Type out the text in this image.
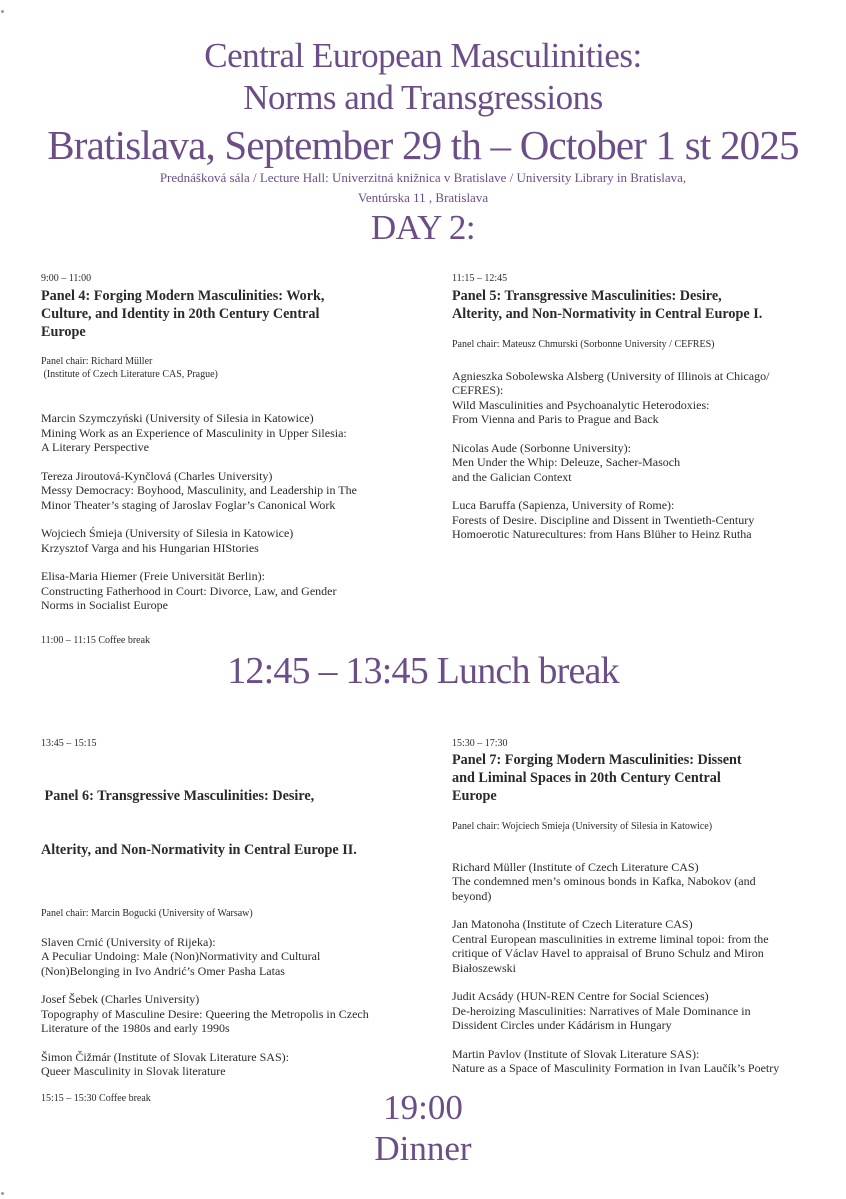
Central European Masculinities:
Norms and Transgressions
Bratislava, September 29 th – October 1 st 2025
Prednášková sála / Lecture Hall: Univerzitná knižnica v Bratislave / University Library in Bratislava,
Ventúrska 11 , Bratislava
DAY 2:
9:00 – 11:00
Panel 4: Forging Modern Masculinities: Work,
Culture, and Identity in 20th Century Central
Europe
Panel chair: Richard Müller
(Institute of Czech Literature CAS, Prague)
Marcin Szymczyński (University of Silesia in Katowice)
Mining Work as an Experience of Masculinity in Upper Silesia:
A Literary Perspective
Tereza Jiroutová-Kynčlová (Charles University)
Messy Democracy: Boyhood, Masculinity, and Leadership in The
Minor Theater’s staging of Jaroslav Foglar’s Canonical Work
Wojciech Śmieja (University of Silesia in Katowice)
Krzysztof Varga and his Hungarian HIStories
Elisa-Maria Hiemer (Freie Universität Berlin):
Constructing Fatherhood in Court: Divorce, Law, and Gender
Norms in Socialist Europe
11:00 – 11:15 Coffee break
11:15 – 12:45
Panel 5: Transgressive Masculinities: Desire,
Alterity, and Non-Normativity in Central Europe I.
Panel chair: Mateusz Chmurski (Sorbonne University / CEFRES)
Agnieszka Sobolewska Alsberg (University of Illinois at Chicago/
CEFRES):
Wild Masculinities and Psychoanalytic Heterodoxies:
From Vienna and Paris to Prague and Back
Nicolas Aude (Sorbonne University):
Men Under the Whip: Deleuze, Sacher-Masoch
and the Galician Context
Luca Baruffa (Sapienza, University of Rome):
Forests of Desire. Discipline and Dissent in Twentieth-Century
Homoerotic Naturecultures: from Hans Blüher to Heinz Rutha
12:45 – 13:45 Lunch break
13:45 – 15:15

Panel 6: Transgressive Masculinities: Desire,

Alterity, and Non-Normativity in Central Europe II.

Panel chair: Marcin Bogucki (University of Warsaw)
Slaven Crnić (University of Rijeka):
A Peculiar Undoing: Male (Non)Normativity and Cultural
(Non)Belonging in Ivo Andrić’s Omer Pasha Latas
Josef Šebek (Charles University)
Topography of Masculine Desire: Queering the Metropolis in Czech
Literature of the 1980s and early 1990s
Šimon Čižmár (Institute of Slovak Literature SAS):
Queer Masculinity in Slovak literature
15:15 – 15:30 Coffee break
15:30 – 17:30
Panel 7: Forging Modern Masculinities: Dissent
and Liminal Spaces in 20th Century Central
Europe
Panel chair: Wojciech Smieja (University of Silesia in Katowice)
Richard Müller (Institute of Czech Literature CAS)
The condemned men’s ominous bonds in Kafka, Nabokov (and
beyond)
Jan Matonoha (Institute of Czech Literature CAS)
Central European masculinities in extreme liminal topoi: from the
critique of Václav Havel to appraisal of Bruno Schulz and Miron
Białoszewski
Judit Acsády (HUN-REN Centre for Social Sciences)
De-heroizing Masculinities: Narratives of Male Dominance in
Dissident Circles under Kádárism in Hungary
Martin Pavlov (Institute of Slovak Literature SAS):
Nature as a Space of Masculinity Formation in Ivan Laučík’s Poetry
19:00
Dinner
